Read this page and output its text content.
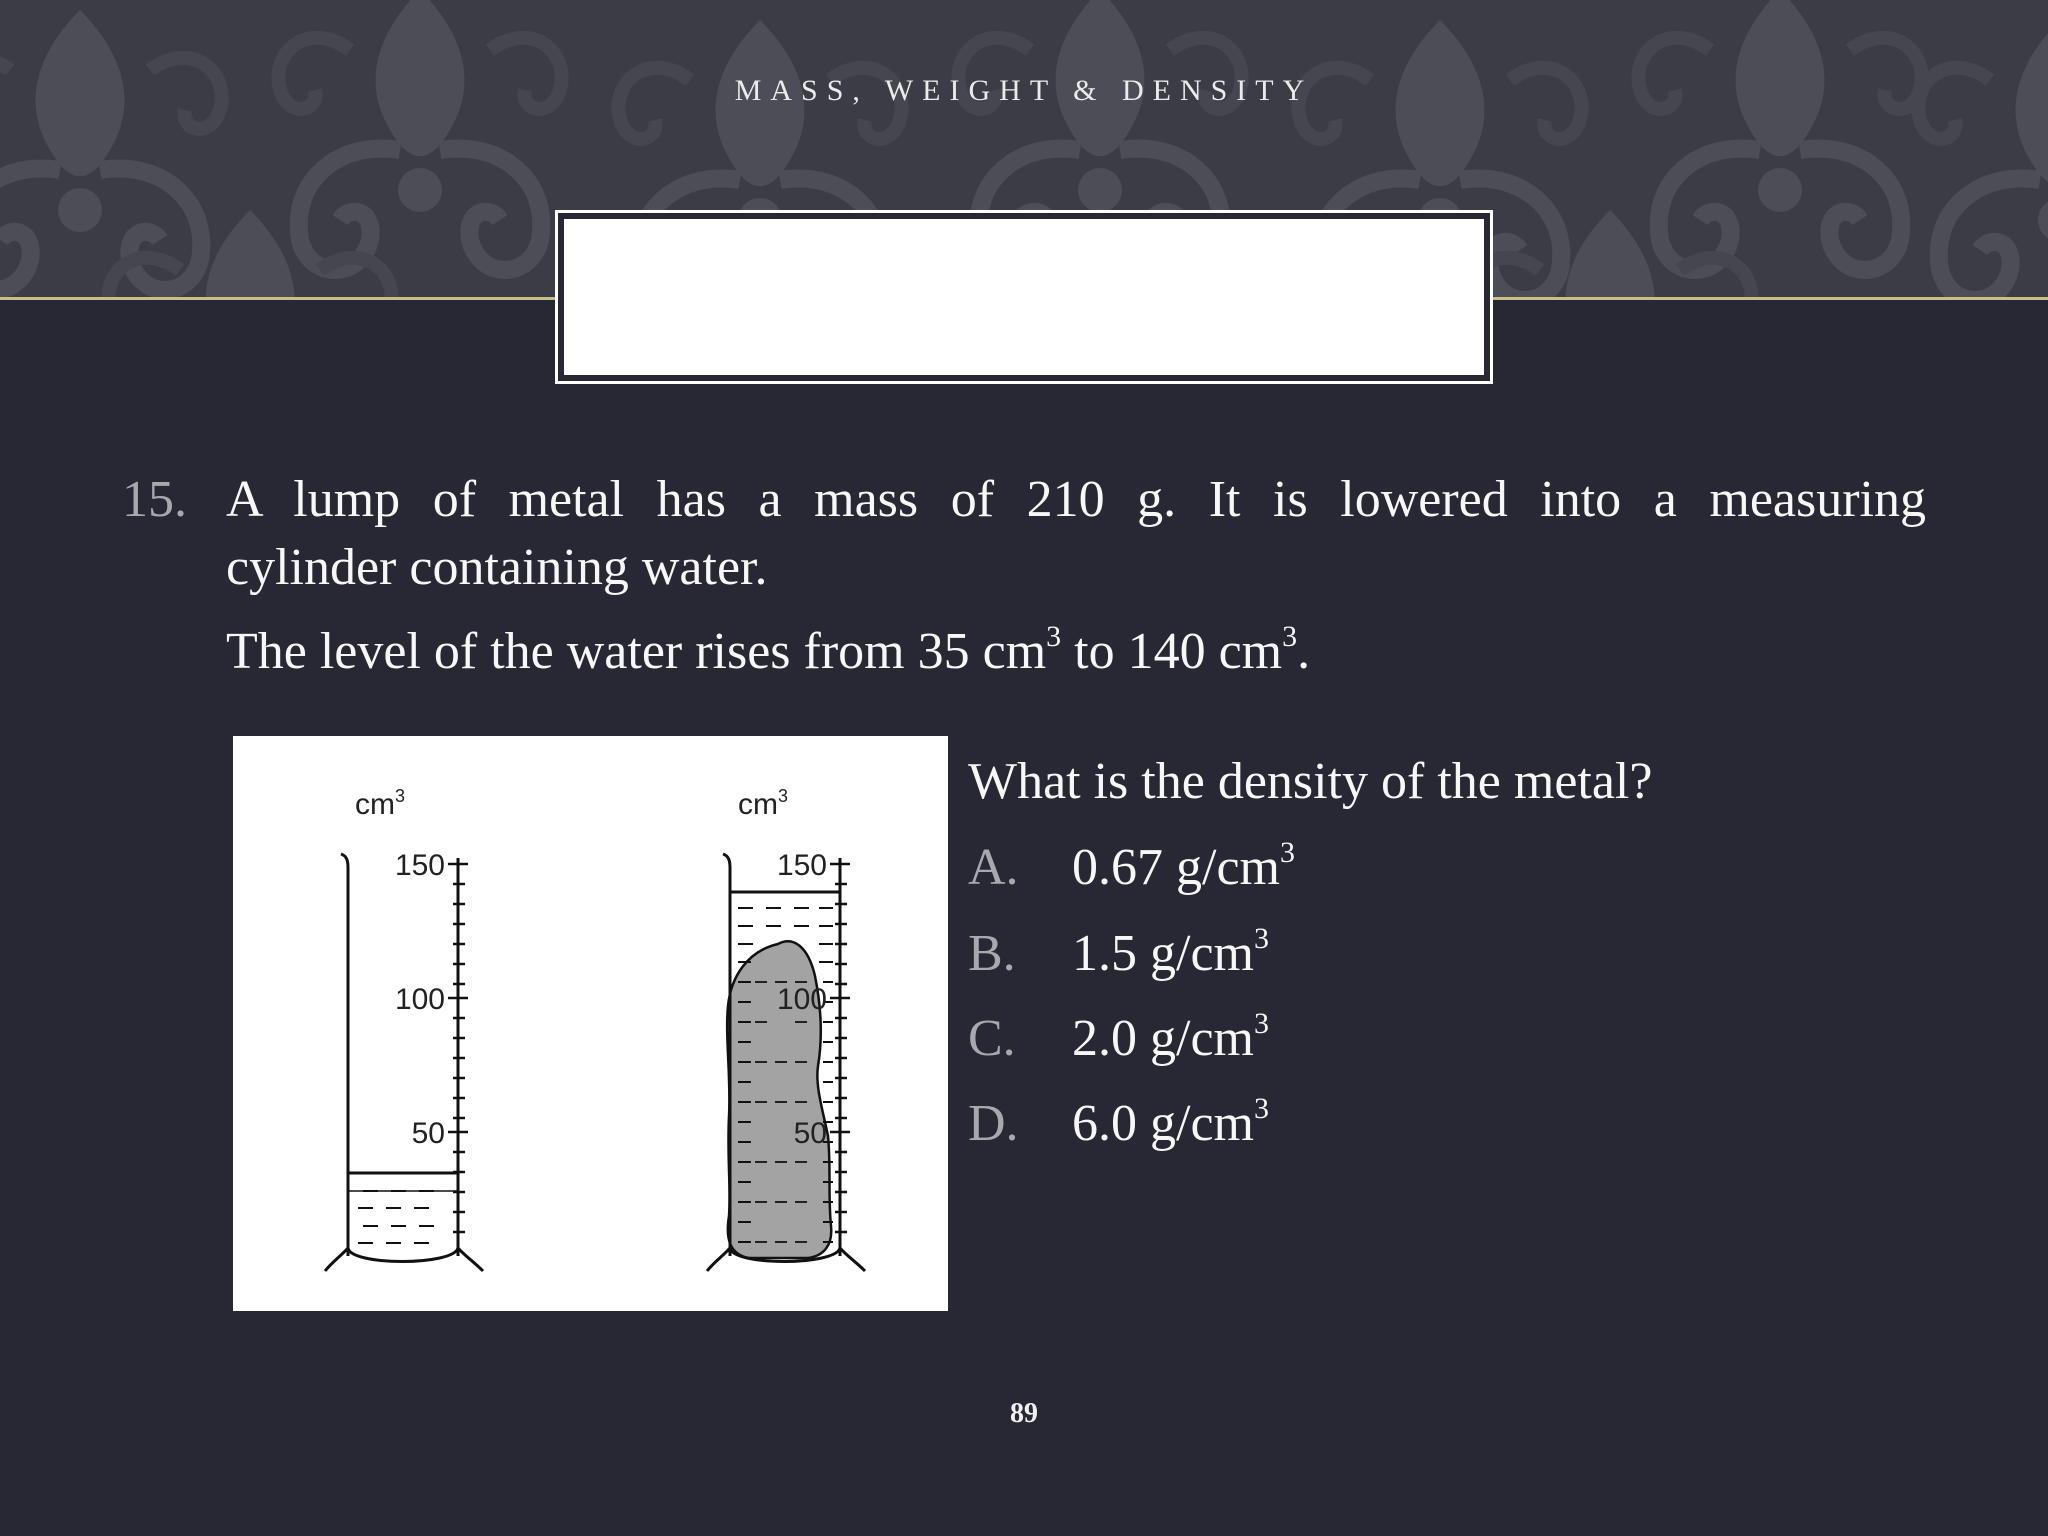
MASS, WEIGHT & DENSITY
15. A lump of metal has a mass of 210 g. It is lowered into a measuring
cylinder containing water.
The level of the water rises from 35 $cm^3$ to 140 $cm^3$.
$cm^3$
150
100
50
$cm^3$
150
100
50
What is the density of the metal?
A. 0.67 $g/cm^3$
B. 1.5 $g/cm^3$
C. 2.0 $g/cm^3$
D. 6.0 $g/cm^3$
89
